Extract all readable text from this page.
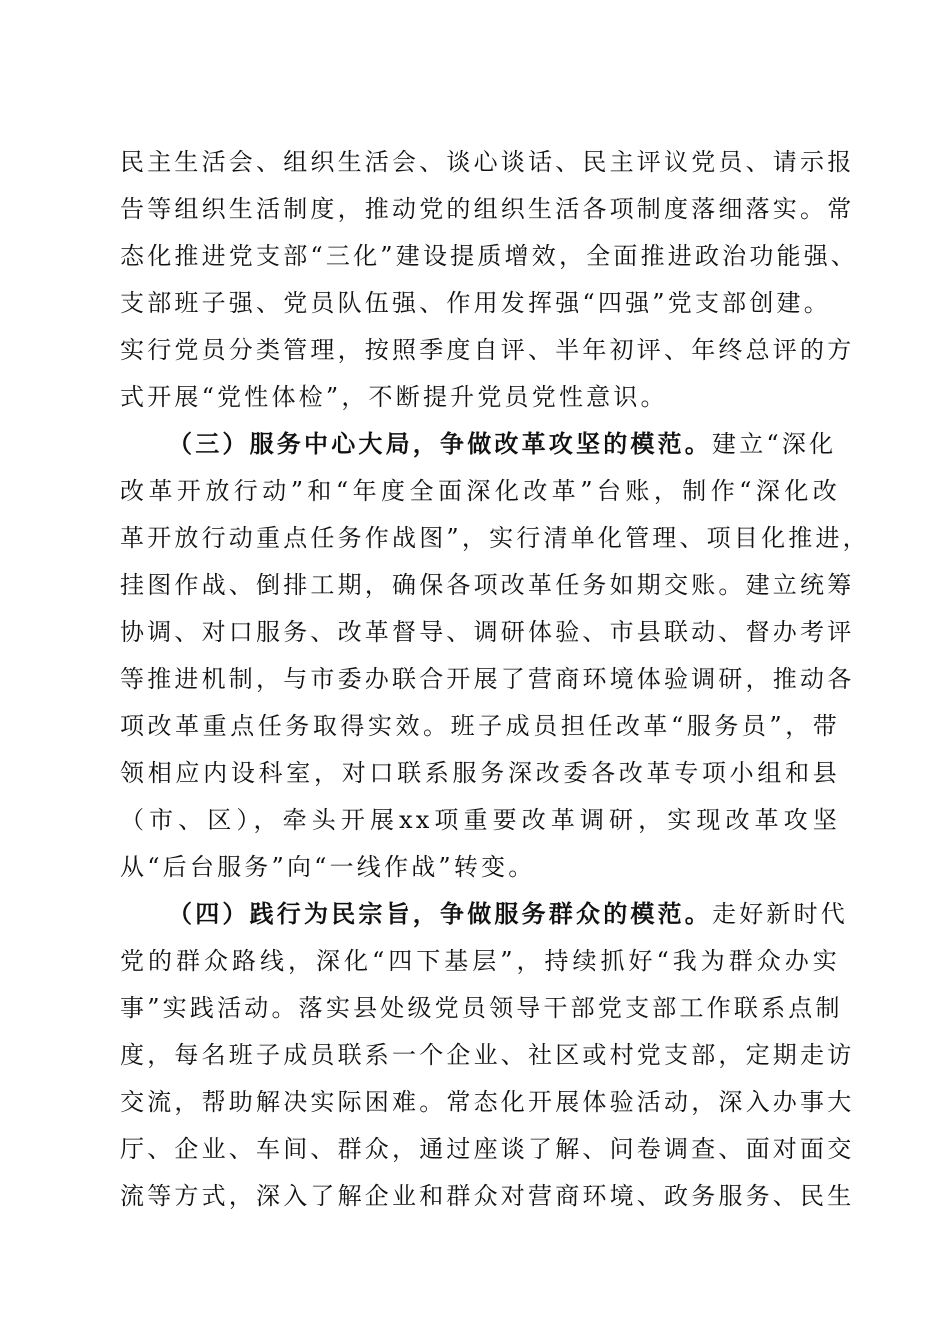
民主生活会、组织生活会、谈心谈话、民主评议党员、请示报
告等组织生活制度，推动党的组织生活各项制度落细落实。常
态化推进党支部“三化”建设提质增效，全面推进政治功能强、
支部班子强、党员队伍强、作用发挥强“四强”党支部创建。
实行党员分类管理，按照季度自评、半年初评、年终总评的方
式开展“党性体检”，不断提升党员党性意识。
（三）服务中心大局，争做改革攻坚的模范。建立“深化
改革开放行动”和“年度全面深化改革”台账，制作“深化改
革开放行动重点任务作战图”，实行清单化管理、项目化推进，
挂图作战、倒排工期，确保各项改革任务如期交账。建立统筹
协调、对口服务、改革督导、调研体验、市县联动、督办考评
等推进机制，与市委办联合开展了营商环境体验调研，推动各
项改革重点任务取得实效。班子成员担任改革“服务员”，带
领相应内设科室，对口联系服务深改委各改革专项小组和县
（市、区），牵头开展xx项重要改革调研，实现改革攻坚
从“后台服务”向“一线作战”转变。
（四）践行为民宗旨，争做服务群众的模范。走好新时代
党的群众路线，深化“四下基层”，持续抓好“我为群众办实
事”实践活动。落实县处级党员领导干部党支部工作联系点制
度，每名班子成员联系一个企业、社区或村党支部，定期走访
交流，帮助解决实际困难。常态化开展体验活动，深入办事大
厅、企业、车间、群众，通过座谈了解、问卷调查、面对面交
流等方式，深入了解企业和群众对营商环境、政务服务、民生
